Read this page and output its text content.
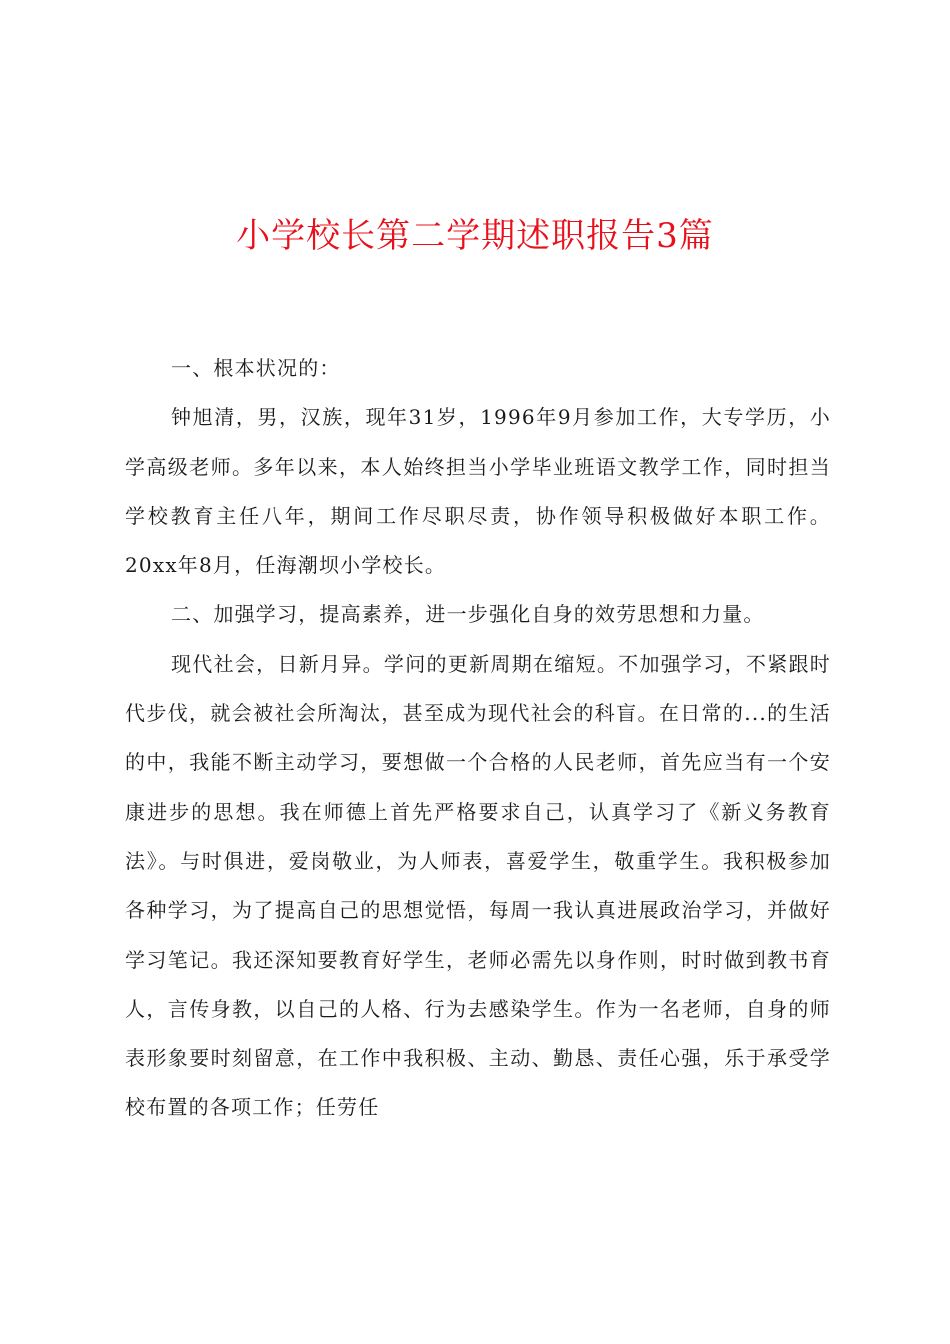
小学校长第二学期述职报告3篇

一、根本状况的：

钟旭清，男，汉族，现年31岁，1996年9月参加工作，大专学历，小学高级老师。多年以来，本人始终担当小学毕业班语文教学工作，同时担当学校教育主任八年，期间工作尽职尽责，协作领导积极做好本职工作。20xx年8月，任海潮坝小学校长。

二、加强学习，提高素养，进一步强化自身的效劳思想和力量。

现代社会，日新月异。学问的更新周期在缩短。不加强学习，不紧跟时代步伐，就会被社会所淘汰，甚至成为现代社会的科盲。在日常的...的生活的中，我能不断主动学习，要想做一个合格的人民老师，首先应当有一个安康进步的思想。我在师德上首先严格要求自己，认真学习了《新义务教育法》。与时俱进，爱岗敬业，为人师表，喜爱学生，敬重学生。我积极参加各种学习，为了提高自己的思想觉悟，每周一我认真进展政治学习，并做好学习笔记。我还深知要教育好学生，老师必需先以身作则，时时做到教书育人，言传身教，以自己的人格、行为去感染学生。作为一名老师，自身的师表形象要时刻留意，在工作中我积极、主动、勤恳、责任心强，乐于承受学校布置的各项工作；任劳任
